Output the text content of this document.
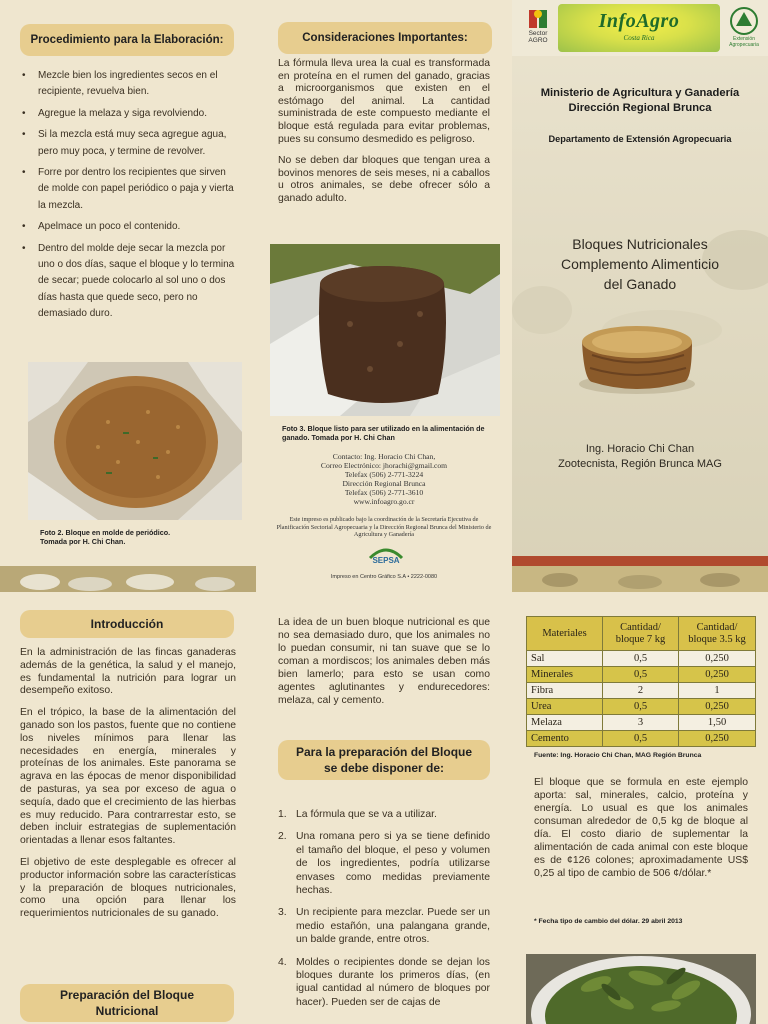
Procedimiento para la Elaboración:
• Mezcle bien los ingredientes secos en el recipiente, revuelva bien.
• Agregue la melaza y siga revolviendo.
• Si la mezcla está muy seca agregue agua, pero muy poca, y termine de revolver.
• Forre por dentro los recipientes que sirven de molde con papel periódico o paja y vierta la mezcla.
• Apelmace un poco el contenido.
• Dentro del molde deje secar la mezcla por uno o dos días, saque el bloque y lo termina de secar; puede colocarlo al sol uno o dos días hasta que quede seco, pero no demasiado duro.
Foto 2. Bloque en molde de periódico. Tomada por H. Chi Chan.
Consideraciones Importantes:

La fórmula lleva urea la cual es transformada en proteína en el rumen del ganado, gracias a microorganismos que existen en el estómago del animal. La cantidad suministrada de este compuesto mediante el bloque está regulada para evitar problemas, pues su consumo desmedido es peligroso.

No se deben dar bloques que tengan urea a bovinos menores de seis meses, ni a caballos u otros animales, se debe ofrecer sólo a ganado adulto.

Foto 3. Bloque listo para ser utilizado en la alimentación de ganado. Tomada por H. Chi Chan
Contacto: Ing. Horacio Chi Chan,
Correo Electrónico: jhorachi@gmail.com
Telefax (506) 2-771-3224
Dirección Regional Brunca
Telefax (506) 2-771-3610
www.infoagro.go.cr
Este impreso es publicado bajo la coordinación de la Secretaría Ejecutiva de Planificación Sectorial Agropecuaria y la Dirección Regional Brunca del Ministerio de Agricultura y Ganadería
SEPSA
Sector AGRO
InfoAgro
Costa Rica	Extensión Agropecuaria
Ministerio de Agricultura y Ganadería
Dirección Regional Brunca
Departamento de Extensión Agropecuaria
Bloques Nutricionales
Complemento Alimenticio
del Ganado
Ing. Horacio Chi Chan
Zootecnista, Región Brunca MAG
Impreso en Centro Gráfico S.A • 2222-0080
Introducción

En la administración de las fincas ganaderas además de la genética, la salud y el manejo, es fundamental la nutrición para lograr un desempeño exitoso.

En el trópico, la base de la alimentación del ganado son los pastos, fuente que no contiene los niveles mínimos para llenar las necesidades en energía, minerales y proteínas de los animales. Este panorama se agrava en las épocas de menor disponibilidad de pasturas, ya sea por exceso de agua o sequía, dado que el crecimiento de las hierbas es muy reducido. Para contrarrestar esto, se deben incluir estrategias de suplementación orientadas a llenar esos faltantes.

El objetivo de este desplegable es ofrecer al productor información sobre las características y la preparación de bloques nutricionales, como una opción para llenar los requerimientos nutricionales de su ganado.

Preparación del Bloque Nutricional

La idea de un buen bloque nutricional es que no sea demasiado duro, que los animales no lo puedan consumir, ni tan suave que se lo coman a mordiscos; los animales deben más bien lamerlo; para esto se usan como agentes aglutinantes y endurecedores: melaza, cal y cemento.

Para la preparación del Bloque se debe disponer de:
1. La fórmula que se va a utilizar.
2. Una romana pero si ya se tiene definido el tamaño del bloque, el peso y volumen de los ingredientes, podría utilizarse envases como medidas previamente hechas.
3. Un recipiente para mezclar. Puede ser un medio estañón, una palangana grande, un balde grande, entre otros.
4. Moldes o recipientes donde se dejan los bloques durante los primeros días, (en igual cantidad al número de bloques por hacer). Pueden ser de cajas de
Materiales	Cantidad/ bloque 7 kg	Cantidad/ bloque 3.5 kg
Sal	0,5	0,250
Minerales	0,5	0,250
Fibra	2	1
Urea	0,5	0,250
Melaza	3	1,50
Cemento	0,5	0,250
Fuente: Ing. Horacio Chi Chan, MAG Región Brunca

El bloque que se formula en este ejemplo aporta: sal, minerales, calcio, proteína y energía. Lo usual es que los animales consuman alrededor de 0,5 kg de bloque al día. El costo diario de suplementar la alimentación de cada animal con este bloque es de ¢126 colones; aproximadamente US$ 0,25 al tipo de cambio de 506 ¢/dólar.*

* Fecha tipo de cambio del dólar. 29 abril 2013
